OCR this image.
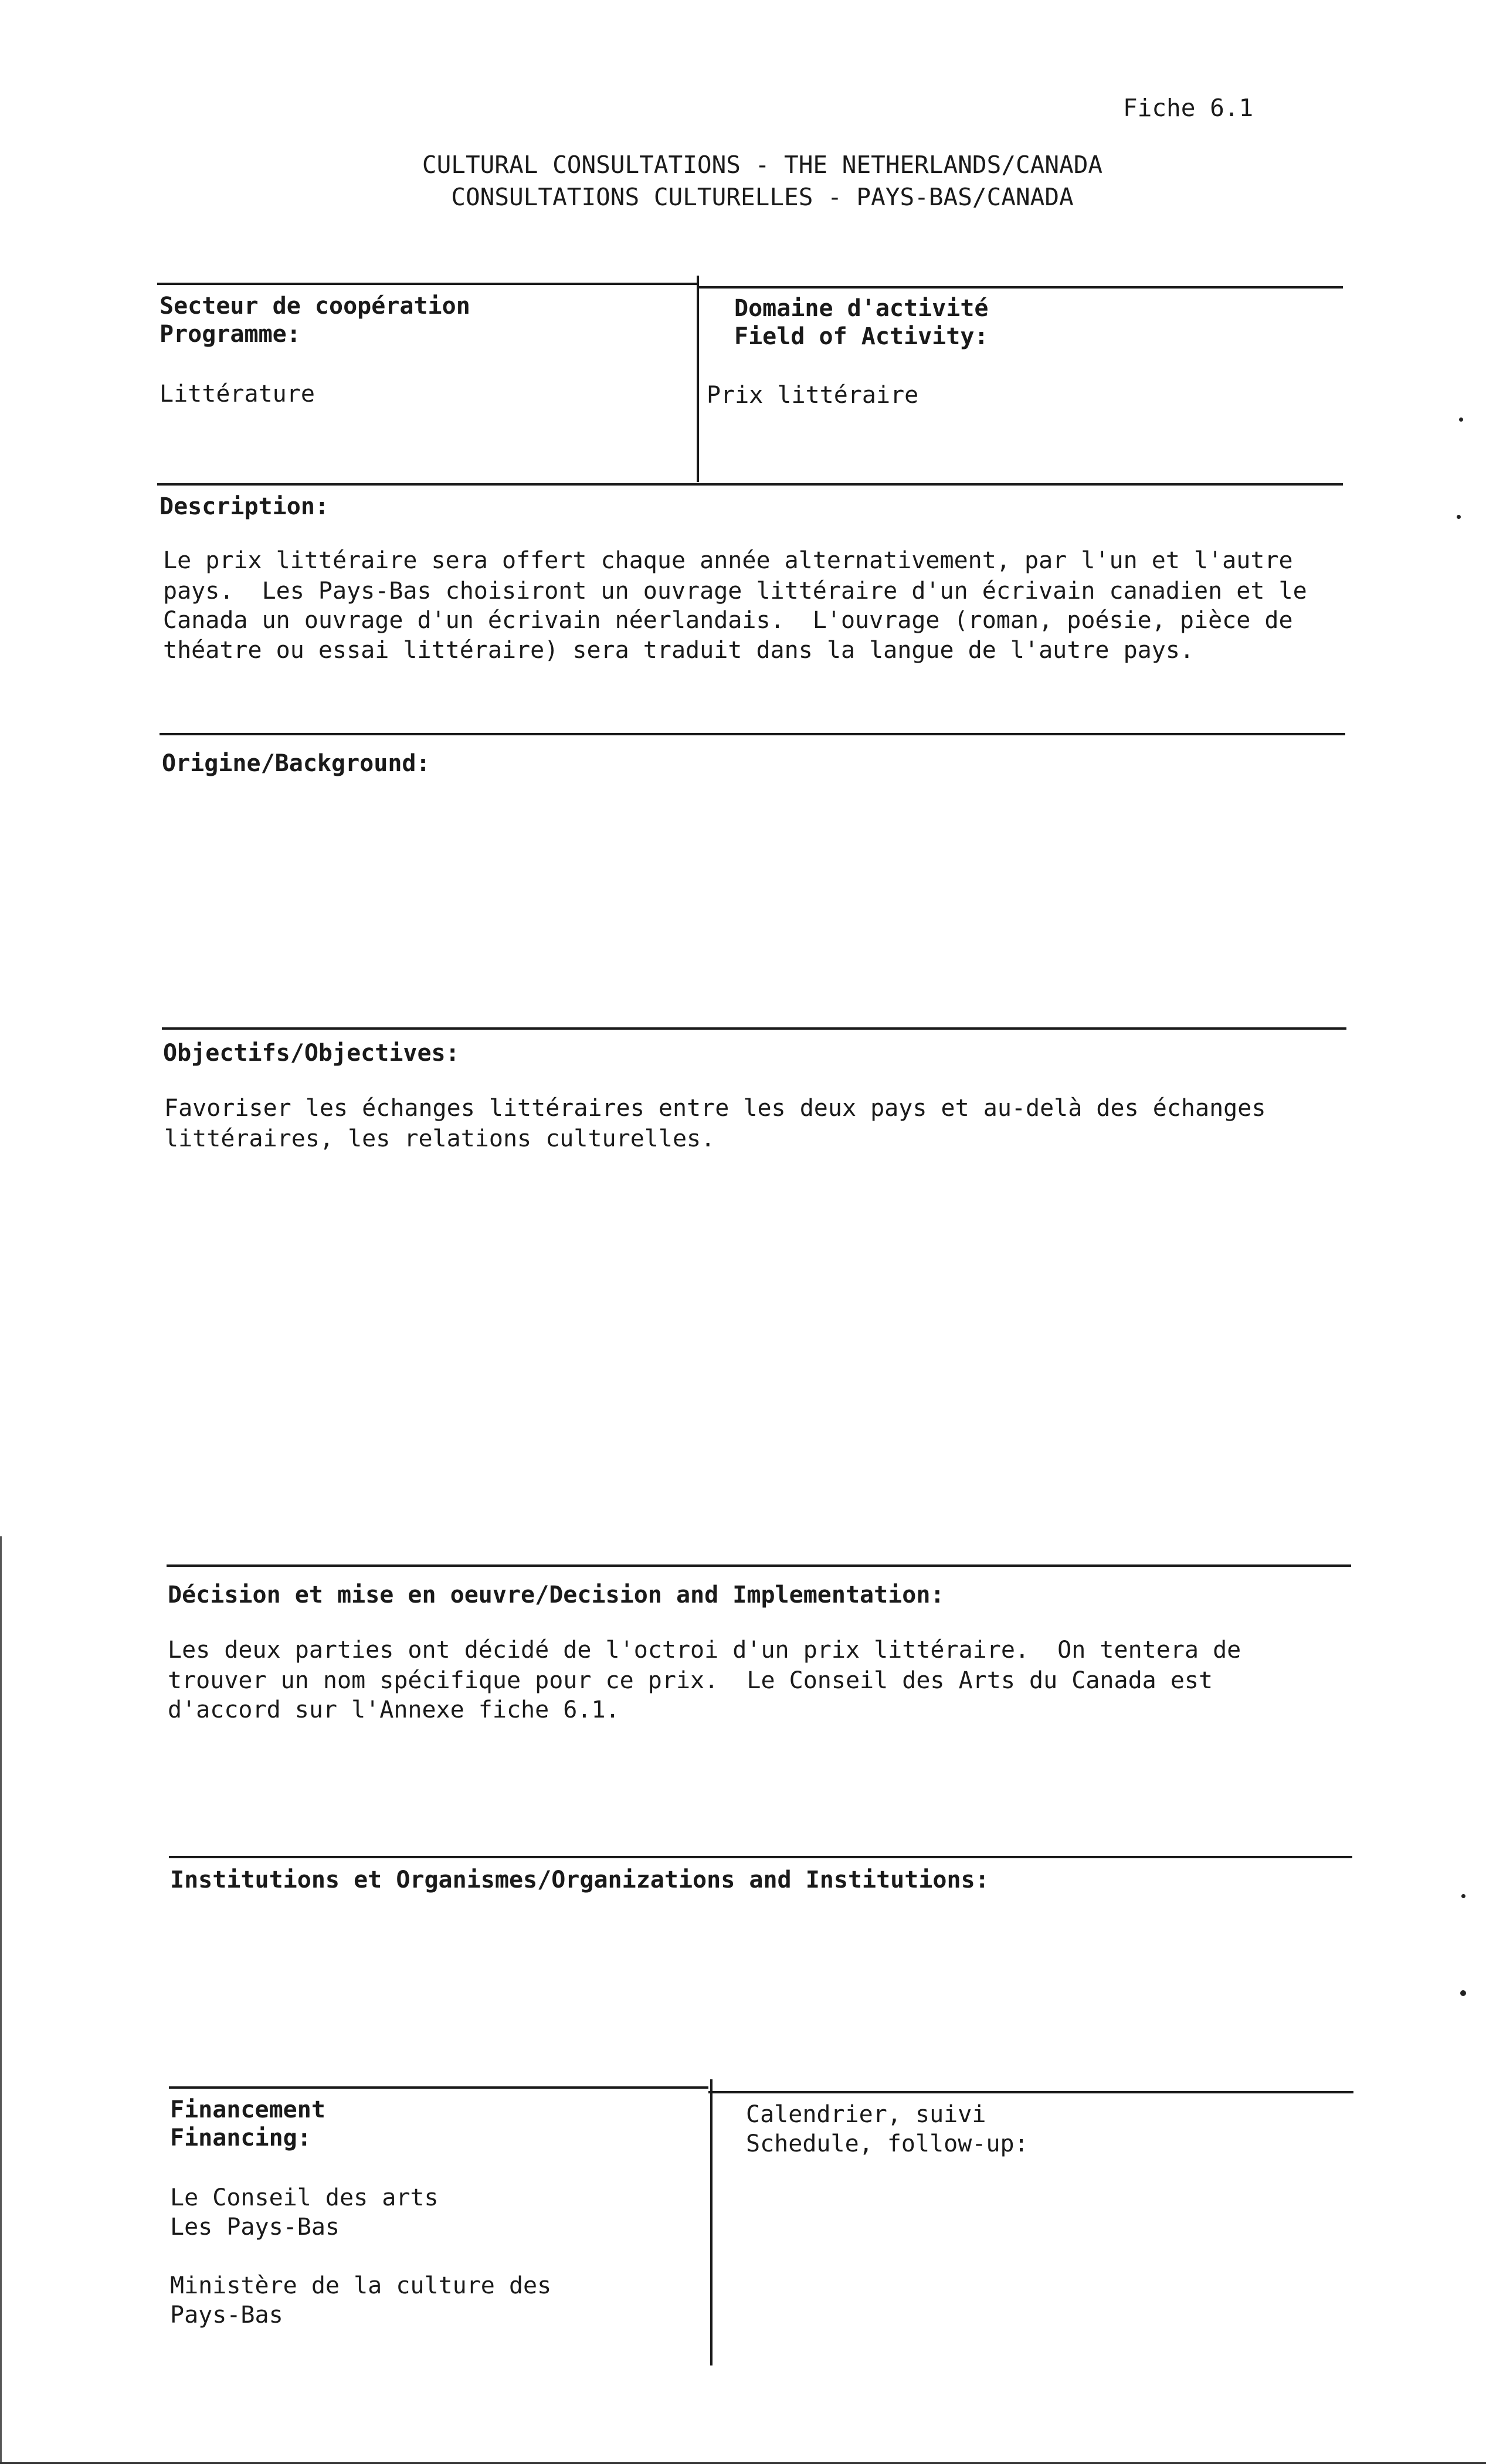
Fiche 6.1
CULTURAL CONSULTATIONS - THE NETHERLANDS/CANADA
CONSULTATIONS CULTURELLES - PAYS-BAS/CANADA
Secteur de coopération
Programme:
Littérature
Domaine d'activité
Field of Activity:
Prix littéraire
Description:
Le prix littéraire sera offert chaque année alternativement, par l'un et l'autre
pays.  Les Pays-Bas choisiront un ouvrage littéraire d'un écrivain canadien et le
Canada un ouvrage d'un écrivain néerlandais.  L'ouvrage (roman, poésie, pièce de
théatre ou essai littéraire) sera traduit dans la langue de l'autre pays.
Origine/Background:
Objectifs/Objectives:
Favoriser les échanges littéraires entre les deux pays et au-delà des échanges
littéraires, les relations culturelles.
Décision et mise en oeuvre/Decision and Implementation:
Les deux parties ont décidé de l'octroi d'un prix littéraire.  On tentera de
trouver un nom spécifique pour ce prix.  Le Conseil des Arts du Canada est
d'accord sur l'Annexe fiche 6.1.
Institutions et Organismes/Organizations and Institutions:
Financement
Financing:
Le Conseil des arts
Les Pays-Bas
Ministère de la culture des
Pays-Bas
Calendrier, suivi
Schedule, follow-up:
